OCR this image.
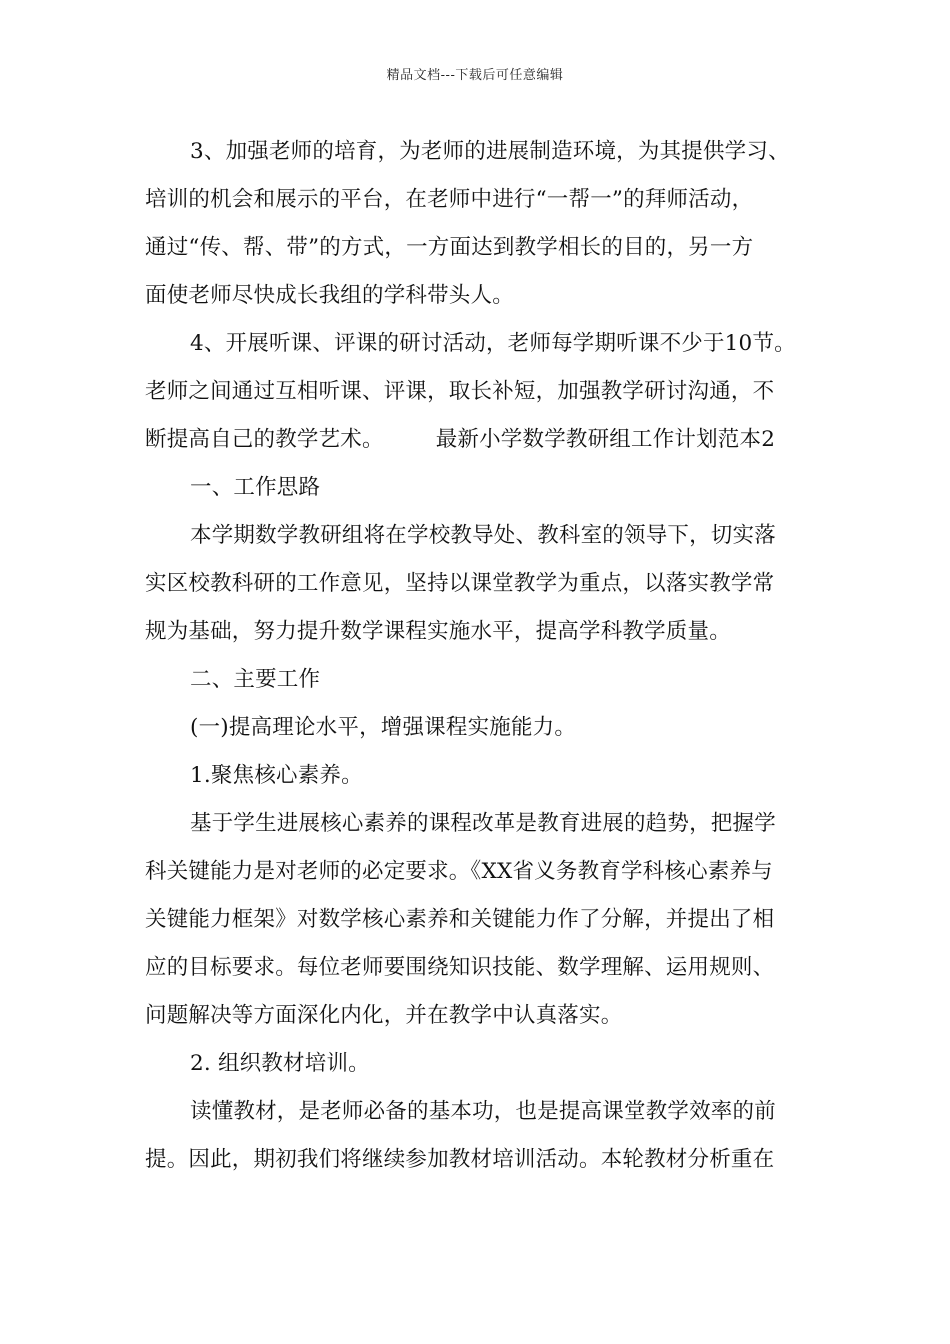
精品文档---下载后可任意编辑
3、加强老师的培育，为老师的进展制造环境，为其提供学习、
培训的机会和展示的平台，在老师中进行“一帮一”的拜师活动，
通过“传、帮、带”的方式，一方面达到教学相长的目的，另一方
面使老师尽快成长我组的学科带头人。
4、开展听课、评课的研讨活动，老师每学期听课不少于10节。
老师之间通过互相听课、评课，取长补短，加强教学研讨沟通，不
断提高自己的教学艺术。 最新小学数学教研组工作计划范本2
一、工作思路
本学期数学教研组将在学校教导处、教科室的领导下，切实落
实区校教科研的工作意见，坚持以课堂教学为重点，以落实教学常
规为基础，努力提升数学课程实施水平，提高学科教学质量。
二、主要工作
(一)提高理论水平，增强课程实施能力。
1.聚焦核心素养。
基于学生进展核心素养的课程改革是教育进展的趋势，把握学
科关键能力是对老师的必定要求。《XX省义务教育学科核心素养与
关键能力框架》对数学核心素养和关键能力作了分解，并提出了相
应的目标要求。每位老师要围绕知识技能、数学理解、运用规则、
问题解决等方面深化内化，并在教学中认真落实。
2. 组织教材培训。
读懂教材，是老师必备的基本功，也是提高课堂教学效率的前
提。因此，期初我们将继续参加教材培训活动。本轮教材分析重在
